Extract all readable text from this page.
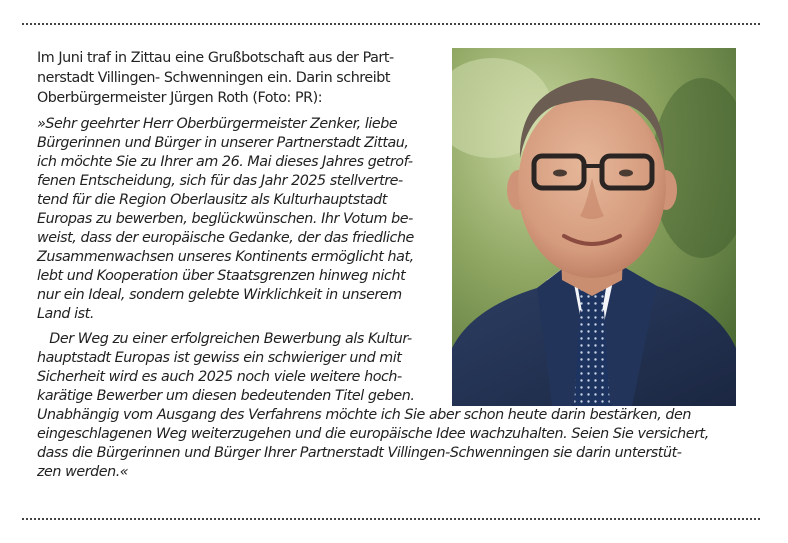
Im Juni traf in Zittau eine Grußbotschaft aus der Part-

nerstadt Villingen- Schwenningen ein. Darin schreibt

Oberbürgermeister Jürgen Roth (Foto: PR):

»Sehr geehrter Herr Oberbürgermeister Zenker, liebe

Bürgerinnen und Bürger in unserer Partnerstadt Zittau,

ich möchte Sie zu Ihrer am 26. Mai dieses Jahres getrof-

fenen Entscheidung, sich für das Jahr 2025 stellvertre-

tend für die Region Oberlausitz als Kulturhauptstadt

Europas zu bewerben, beglückwünschen. Ihr Votum be-

weist, dass der europäische Gedanke, der das friedliche

Zusammenwachsen unseres Kontinents ermöglicht hat,

lebt und Kooperation über Staatsgrenzen hinweg nicht

nur ein Ideal, sondern gelebte Wirklichkeit in unserem

Land ist.

Der Weg zu einer erfolgreichen Bewerbung als Kultur-

hauptstadt Europas ist gewiss ein schwieriger und mit

Sicherheit wird es auch 2025 noch viele weitere hoch-

karätige Bewerber um diesen bedeutenden Titel geben.

Unabhängig vom Ausgang des Verfahrens möchte ich Sie aber schon heute darin bestärken, den

eingeschlagenen Weg weiterzugehen und die europäische Idee wachzuhalten. Seien Sie versichert,

dass die Bürgerinnen und Bürger Ihrer Partnerstadt Villingen-Schwenningen sie darin unterstüt-

zen werden.«
